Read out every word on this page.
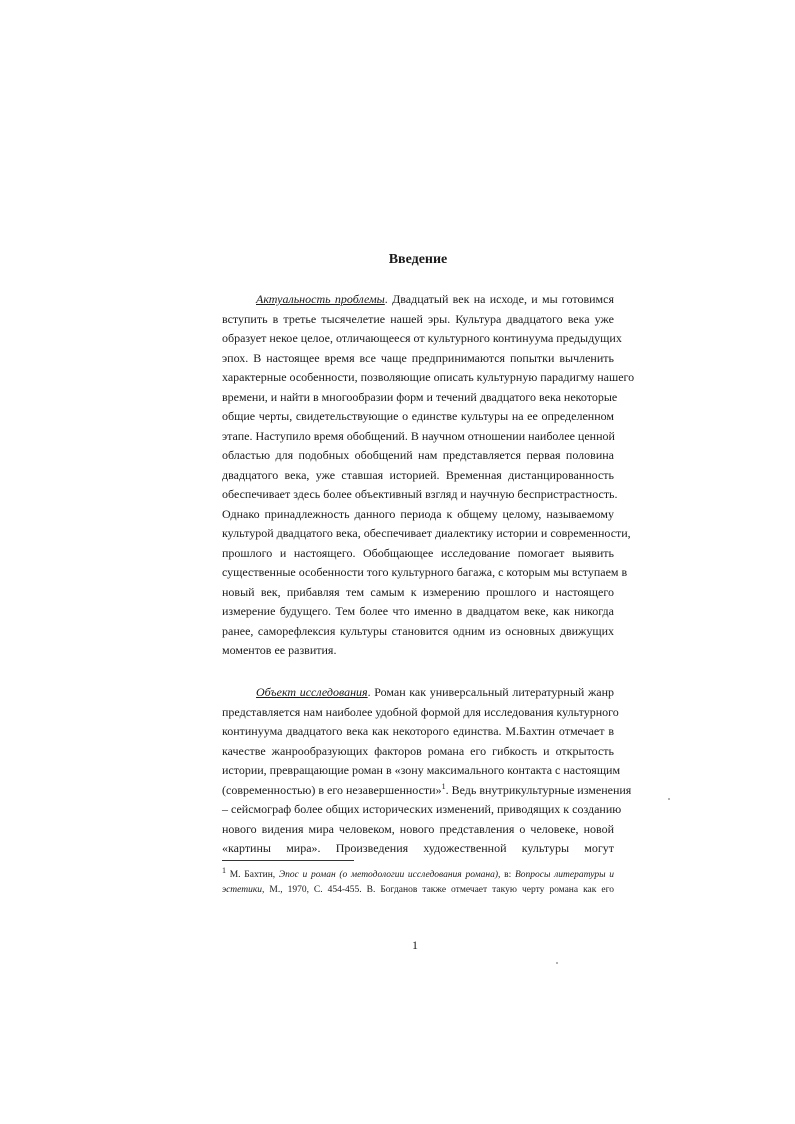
Введение
Актуальность проблемы. Двадцатый век на исходе, и мы готовимся
вступить в третье тысячелетие нашей эры. Культура двадцатого века уже
образует некое целое, отличающееся от культурного континуума предыдущих
эпох. В настоящее время все чаще предпринимаются попытки вычленить
характерные особенности, позволяющие описать культурную парадигму нашего
времени, и найти в многообразии форм и течений двадцатого века некоторые
общие черты, свидетельствующие о единстве культуры на ее определенном
этапе. Наступило время обобщений. В научном отношении наиболее ценной
областью для подобных обобщений нам представляется первая половина
двадцатого века, уже ставшая историей. Временная дистанцированность
обеспечивает здесь более объективный взгляд и научную беспристрастность.
Однако принадлежность данного периода к общему целому, называемому
культурой двадцатого века, обеспечивает диалектику истории и современности,
прошлого и настоящего. Обобщающее исследование помогает выявить
существенные особенности того культурного багажа, с которым мы вступаем в
новый век, прибавляя тем самым к измерению прошлого и настоящего
измерение будущего. Тем более что именно в двадцатом веке, как никогда
ранее, саморефлексия культуры становится одним из основных движущих
моментов ее развития.
Объект исследования. Роман как универсальный литературный жанр
представляется нам наиболее удобной формой для исследования культурного
континуума двадцатого века как некоторого единства. М.Бахтин отмечает в
качестве жанрообразующих факторов романа его гибкость и открытость
истории, превращающие роман в «зону максимального контакта с настоящим
(современностью) в его незавершенности»$^1$. Ведь внутрикультурные изменения
– сейсмограф более общих исторических изменений, приводящих к созданию
нового видения мира человеком, нового представления о человеке, новой
«картины мира». Произведения художественной культуры могут
$^1$ М. Бахтин, Эпос и роман (о методологии исследования романа), в: Вопросы литературы и
эстетики, М., 1970, С. 454-455. В. Богданов также отмечает такую черту романа как его
1
